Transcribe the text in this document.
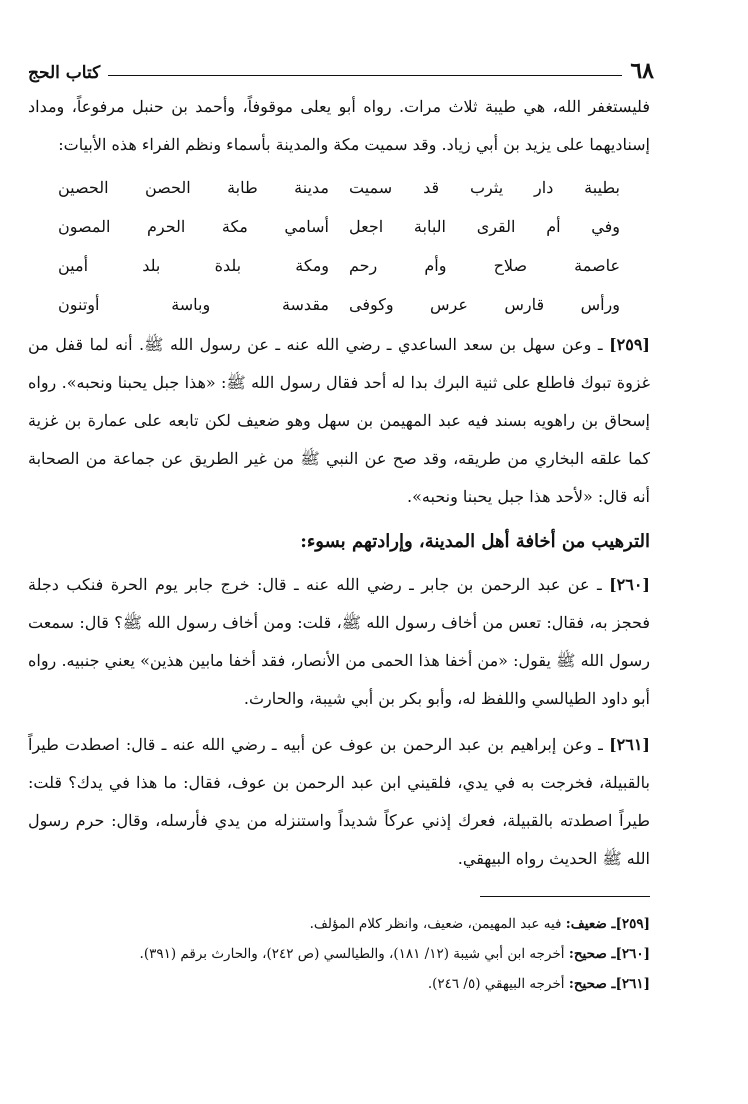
٦٨
كتاب الحج

فليستغفر الله، هي طيبة ثلاث مرات. رواه أبو يعلى موقوفاً، وأحمد بن حنبل مرفوعاً، ومداد إسناديهما على يزيد بن أبي زياد. وقد سميت مكة والمدينة بأسماء ونظم الفراء هذه الأبيات:

بطيبة دار يثرب قد سميت
مدينة طابة الحصن الحصين
وفي أم القرى البابة اجعل
أسامي مكة الحرم المصون
عاصمة صلاح وأم رحم
ومكة بلدة بلد أمين
ورأس قارس عرس وكوفى
مقدسة وباسة أوتنون

[٢٥٩] ـ وعن سهل بن سعد الساعدي ـ رضي الله عنه ـ عن رسول الله ﷺ. أنه لما قفل من غزوة تبوك فاطلع على ثنية البرك بدا له أحد فقال رسول الله ﷺ: «هذا جبل يحبنا ونحبه». رواه إسحاق بن راهويه بسند فيه عبد المهيمن بن سهل وهو ضعيف لكن تابعه على عمارة بن غزية كما علقه البخاري من طريقه، وقد صح عن النبي ﷺ من غير الطريق عن جماعة من الصحابة أنه قال: «لأحد هذا جبل يحبنا ونحبه».

الترهيب من أخافة أهل المدينة، وإرادتهم بسوء:

[٢٦٠] ـ عن عبد الرحمن بن جابر ـ رضي الله عنه ـ قال: خرج جابر يوم الحرة فنكب دجلة فحجز به، فقال: تعس من أخاف رسول الله ﷺ، قلت: ومن أخاف رسول الله ﷺ؟ قال: سمعت رسول الله ﷺ يقول: «من أخفا هذا الحمى من الأنصار، فقد أخفا مابين هذين» يعني جنبيه. رواه أبو داود الطيالسي واللفظ له، وأبو بكر بن أبي شيبة، والحارث.

[٢٦١] ـ وعن إبراهيم بن عبد الرحمن بن عوف عن أبيه ـ رضي الله عنه ـ قال: اصطدت طيراً بالقبيلة، فخرجت به في يدي، فلقيني ابن عبد الرحمن بن عوف، فقال: ما هذا في يدك؟ قلت: طيراً اصطدته بالقبيلة، فعرك إذني عركاً شديداً واستنزله من يدي فأرسله، وقال: حرم رسول الله ﷺ الحديث رواه البيهقي.

[٢٥٩]ـ ضعيف: فيه عبد المهيمن، ضعيف، وانظر كلام المؤلف.

[٢٦٠]ـ صحيح: أخرجه ابن أبي شيبة (١٢/ ١٨١)، والطيالسي (ص ٢٤٢)، والحارث برقم (٣٩١).

[٢٦١]ـ صحيح: أخرجه البيهقي (٥/ ٢٤٦).
